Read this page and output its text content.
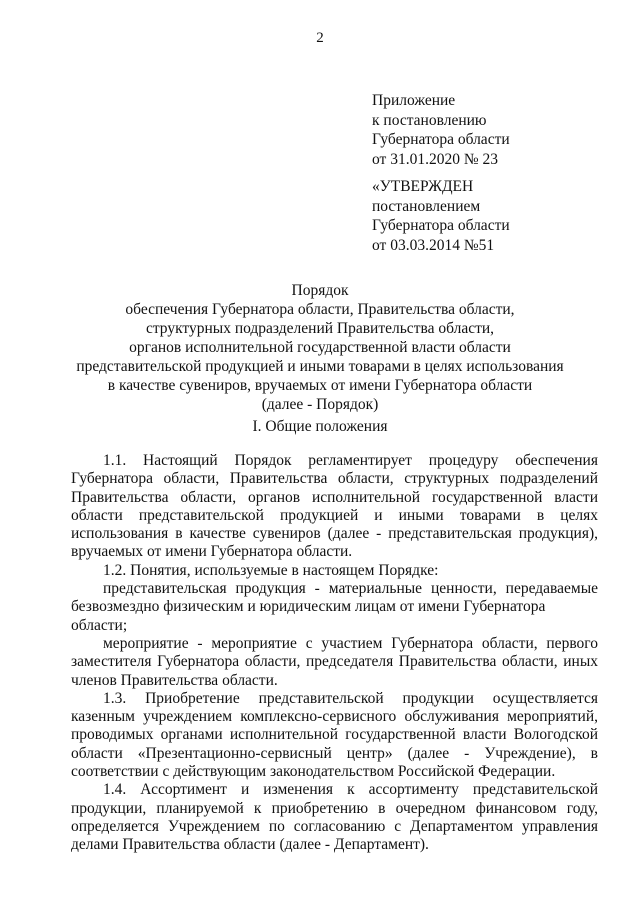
2
Приложение
к постановлению
Губернатора области
от 31.01.2020 № 23
«УТВЕРЖДЕН
постановлением
Губернатора области
от 03.03.2014 №51
Порядок
обеспечения Губернатора области, Правительства области,
структурных подразделений Правительства области,
органов исполнительной государственной власти области
представительской продукцией и иными товарами в целях использования
в качестве сувениров, вручаемых от имени Губернатора области
(далее - Порядок)
I. Общие положения
1.1. Настоящий Порядок регламентирует процедуру обеспечения
Губернатора области, Правительства области, структурных подразделений
Правительства области, органов исполнительной государственной власти
области представительской продукцией и иными товарами в целях
использования в качестве сувениров (далее - представительская продукция),
вручаемых от имени Губернатора области.
1.2. Понятия, используемые в настоящем Порядке:
представительская продукция - материальные ценности, передаваемые
безвозмездно физическим и юридическим лицам от имени Губернатора области;
мероприятие - мероприятие с участием Губернатора области, первого
заместителя Губернатора области, председателя Правительства области, иных
членов Правительства области.
1.3. Приобретение представительской продукции осуществляется
казенным учреждением комплексно-сервисного обслуживания мероприятий,
проводимых органами исполнительной государственной власти Вологодской
области «Презентационно-сервисный центр» (далее - Учреждение), в
соответствии с действующим законодательством Российской Федерации.
1.4. Ассортимент и изменения к ассортименту представительской
продукции, планируемой к приобретению в очередном финансовом году,
определяется Учреждением по согласованию с Департаментом управления
делами Правительства области (далее - Департамент).
